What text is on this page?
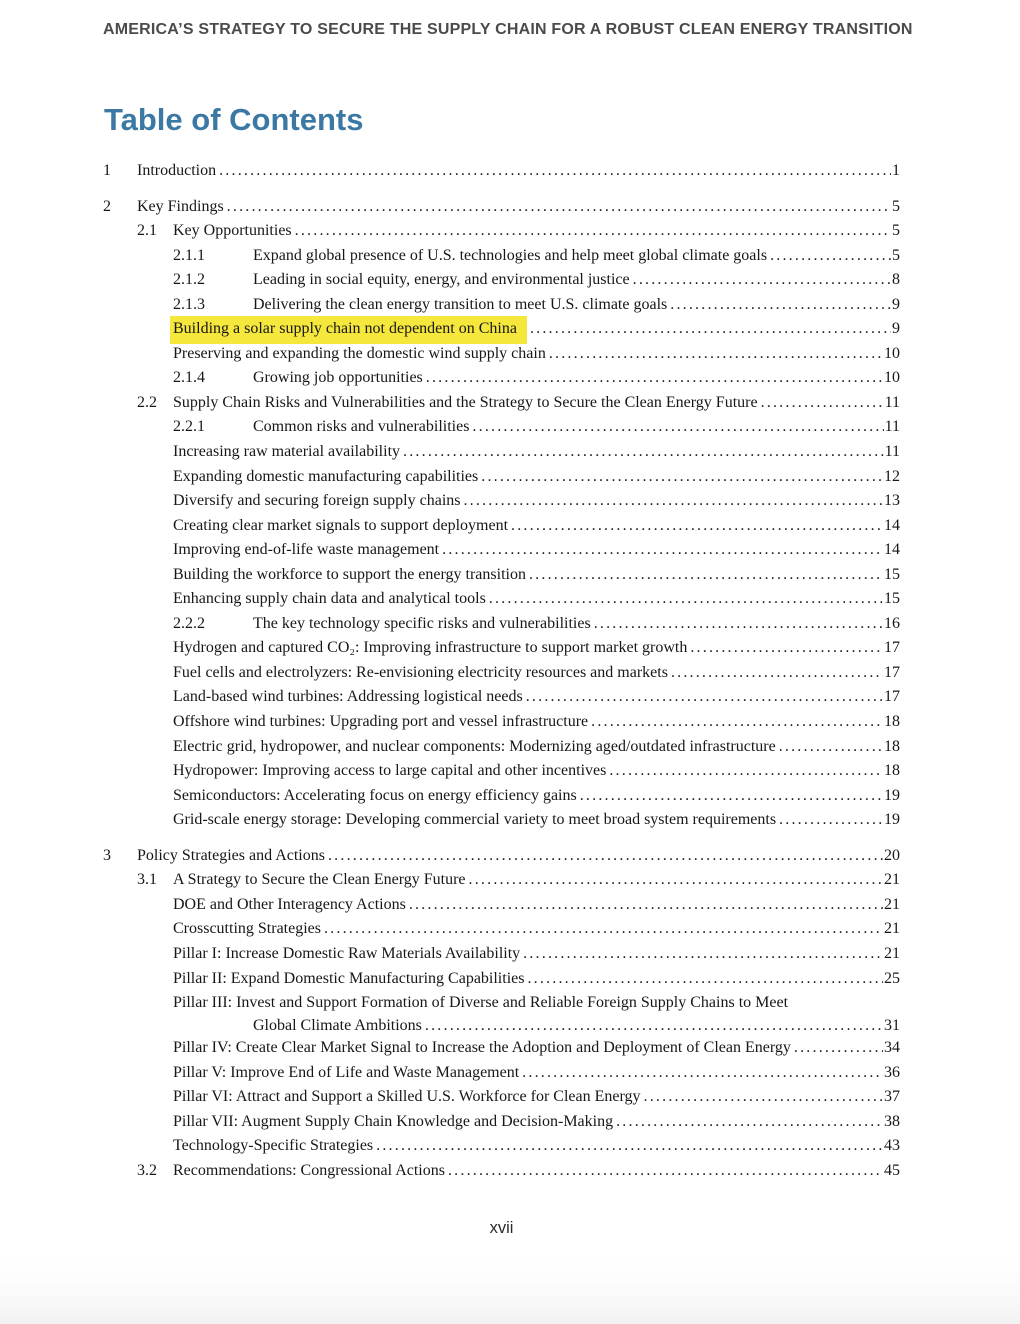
AMERICA’S STRATEGY TO SECURE THE SUPPLY CHAIN FOR A ROBUST CLEAN ENERGY TRANSITION
Table of Contents
1	Introduction .....	1
2	Key Findings .....	5
2.1	Key Opportunities .....	5
2.1.1	Expand global presence of U.S. technologies and help meet global climate goals .....	5
2.1.2	Leading in social equity, energy, and environmental justice .....	8
2.1.3	Delivering the clean energy transition to meet U.S. climate goals .....	9
Building a solar supply chain not dependent on China .....	9
Preserving and expanding the domestic wind supply chain .....	10
2.1.4	Growing job opportunities .....	10
2.2	Supply Chain Risks and Vulnerabilities and the Strategy to Secure the Clean Energy Future .....	11
2.2.1	Common risks and vulnerabilities .....	11
Increasing raw material availability .....	11
Expanding domestic manufacturing capabilities .....	12
Diversify and securing foreign supply chains .....	13
Creating clear market signals to support deployment .....	14
Improving end-of-life waste management .....	14
Building the workforce to support the energy transition .....	15
Enhancing supply chain data and analytical tools .....	15
2.2.2	The key technology specific risks and vulnerabilities .....	16
Hydrogen and captured CO₂: Improving infrastructure to support market growth .....	17
Fuel cells and electrolyzers: Re-envisioning electricity resources and markets .....	17
Land-based wind turbines: Addressing logistical needs .....	17
Offshore wind turbines: Upgrading port and vessel infrastructure .....	18
Electric grid, hydropower, and nuclear components: Modernizing aged/outdated infrastructure .....	18
Hydropower: Improving access to large capital and other incentives .....	18
Semiconductors: Accelerating focus on energy efficiency gains .....	19
Grid-scale energy storage: Developing commercial variety to meet broad system requirements .....	19
3	Policy Strategies and Actions .....	20
3.1	A Strategy to Secure the Clean Energy Future .....	21
DOE and Other Interagency Actions .....	21
Crosscutting Strategies .....	21
Pillar I: Increase Domestic Raw Materials Availability .....	21
Pillar II: Expand Domestic Manufacturing Capabilities .....	25
Pillar III: Invest and Support Formation of Diverse and Reliable Foreign Supply Chains to Meet
Global Climate Ambitions .....	31
Pillar IV: Create Clear Market Signal to Increase the Adoption and Deployment of Clean Energy .....	34
Pillar V: Improve End of Life and Waste Management .....	36
Pillar VI: Attract and Support a Skilled U.S. Workforce for Clean Energy .....	37
Pillar VII: Augment Supply Chain Knowledge and Decision-Making .....	38
Technology-Specific Strategies .....	43
3.2	Recommendations: Congressional Actions .....	45
xvii
